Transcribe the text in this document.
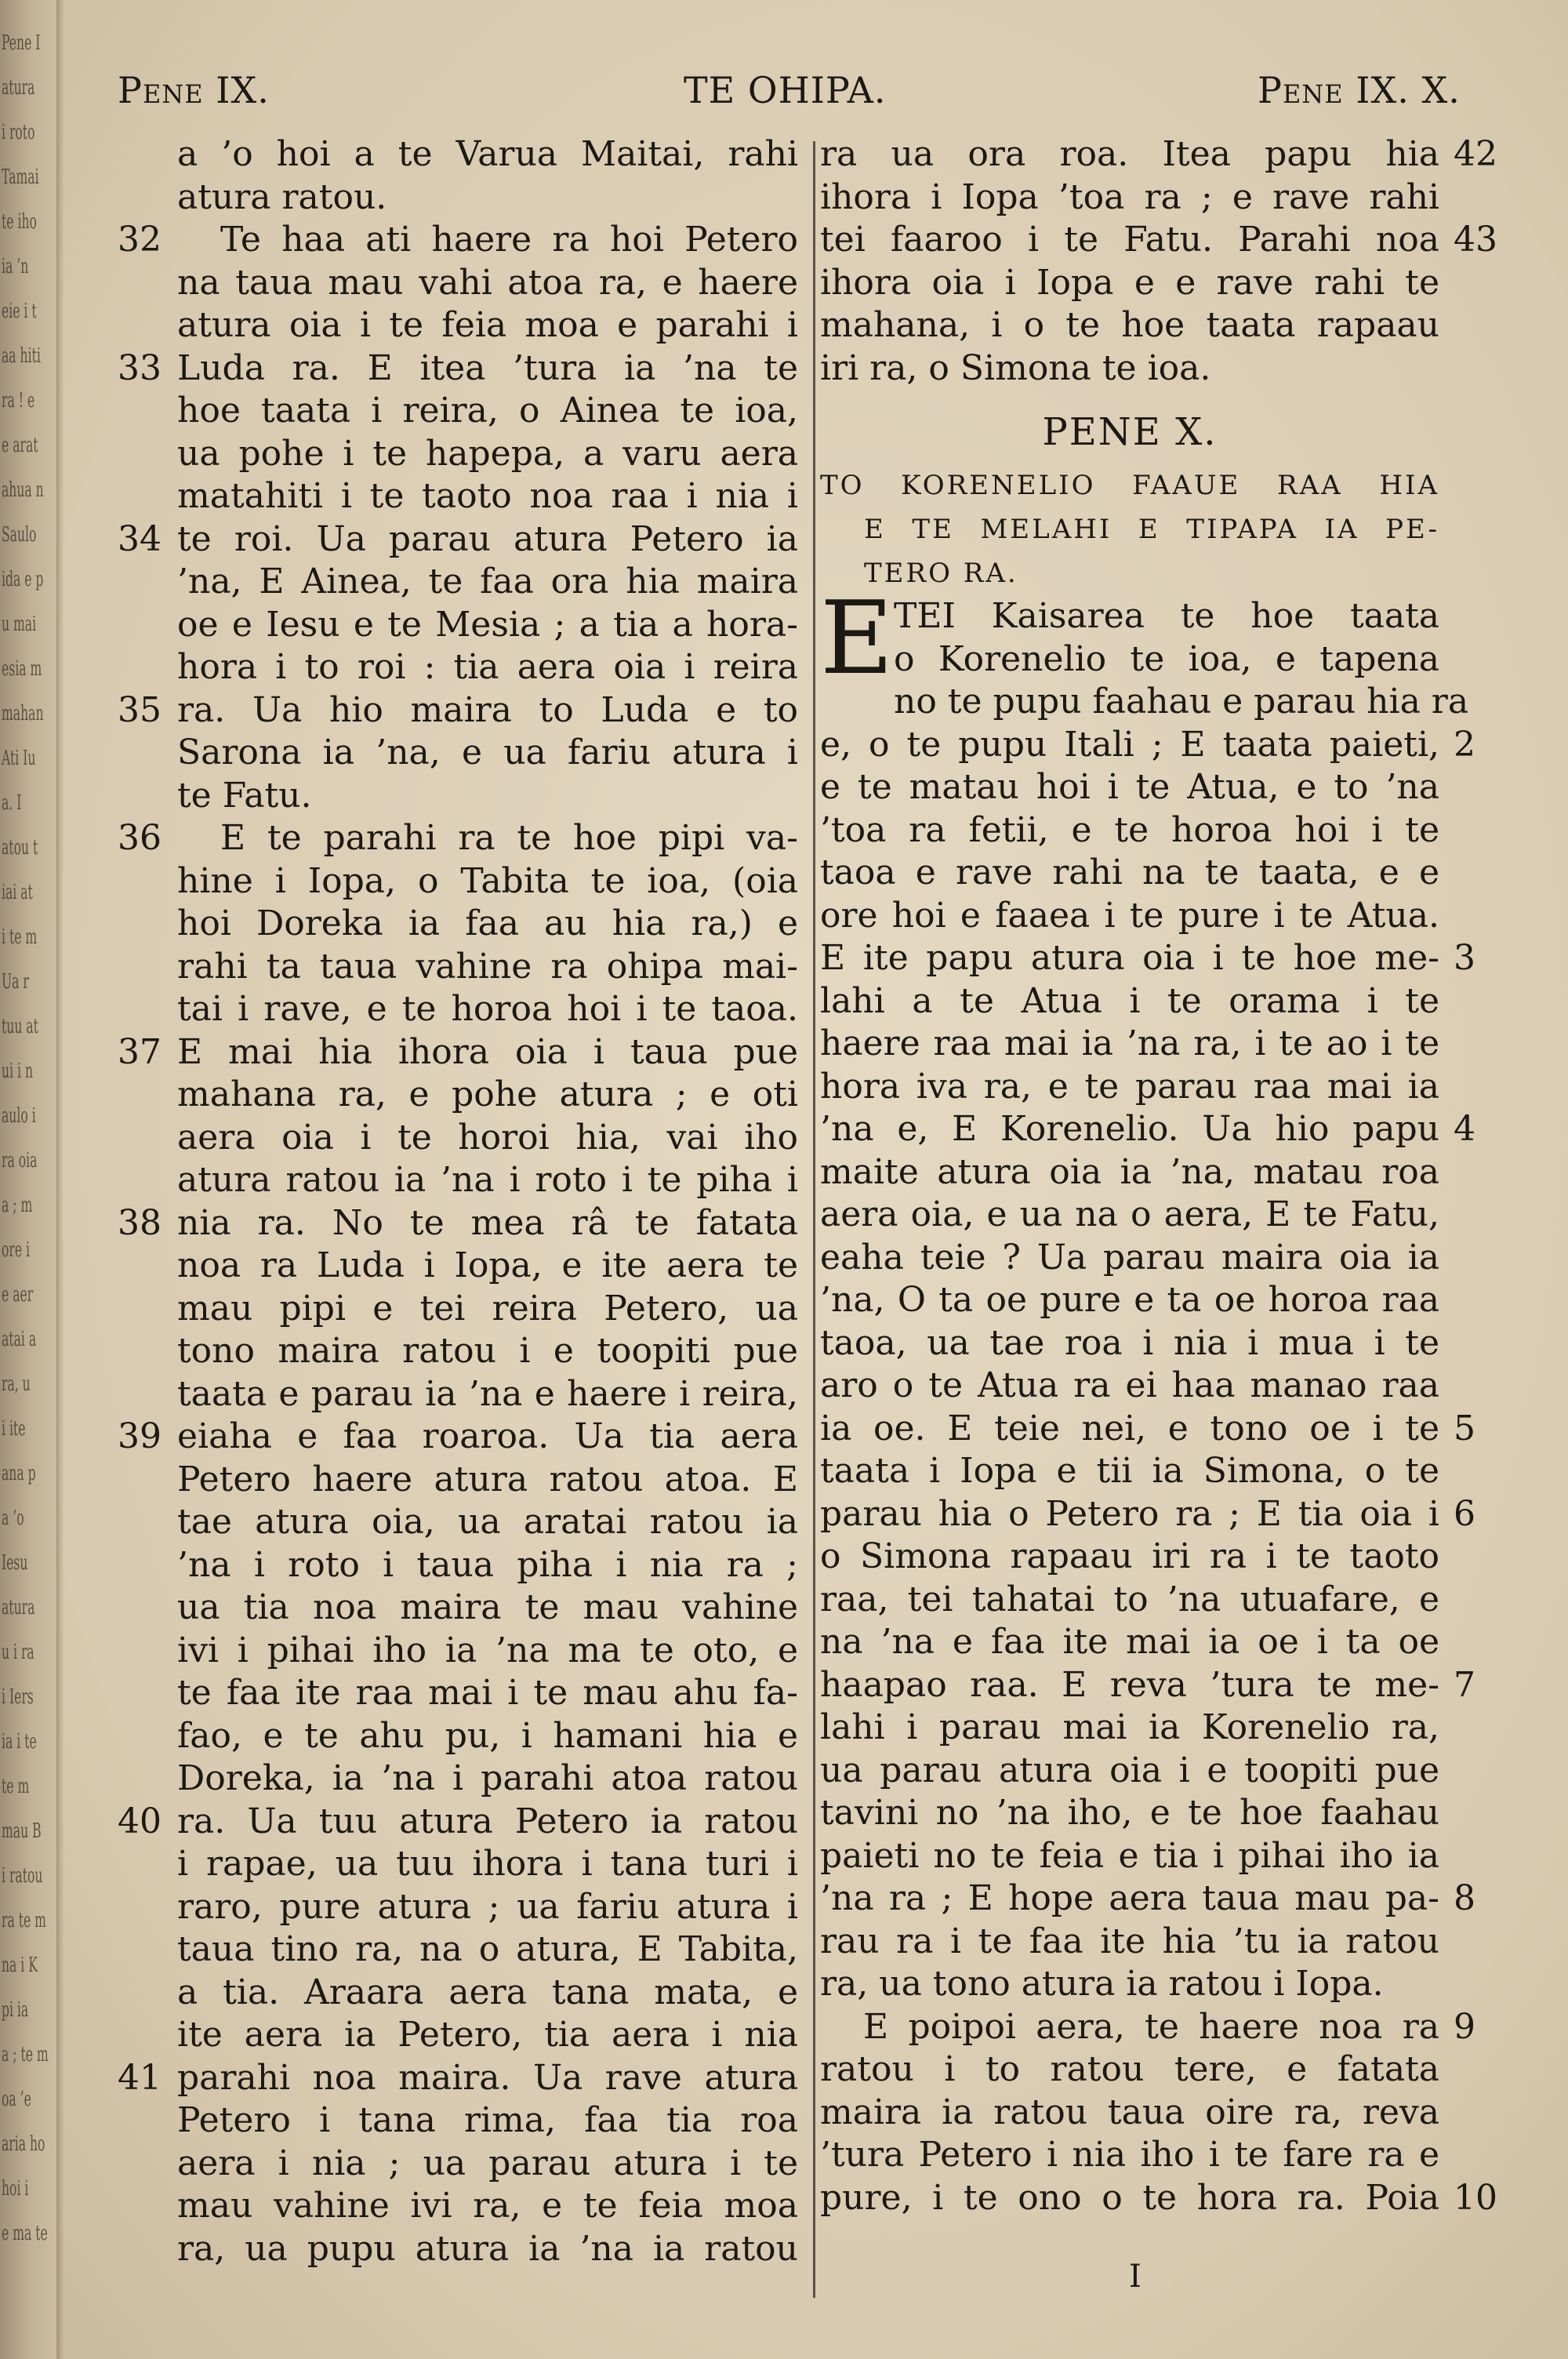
Pene I
atura
i roto
Tamai
te iho
ia ’n
eie i t
aa hiti
ra ! e
e arat
ahua n
Saulo
ida e p
u mai
esia m
mahan
Ati Iu
a. I
atou t
iai at
i te m
Ua r
tuu at
ui i n
aulo i
ra oia
a ; m
ore i
e aer
atai a
ra, u
i ite
ana p
a ’o
Iesu
atura
u i ra
i Iers
ia i te
te m
mau B
i ratou
ra te m
na i K
pi ia
a ; te m
oa ’e
aria ho
hoi i
e ma te
Pene IX.	TE OHIPA.	Pene IX. X.
a ’o hoi a te Varua Maitai, rahi
atura ratou.
Te haa ati haere ra hoi Petero
32
na taua mau vahi atoa ra, e haere
atura oia i te feia moa e parahi i
Luda ra. E itea ’tura ia ’na te
33
hoe taata i reira, o Ainea te ioa,
ua pohe i te hapepa, a varu aera
matahiti i te taoto noa raa i nia i
te roi. Ua parau atura Petero ia
34
’na, E Ainea, te faa ora hia maira
oe e Iesu e te Mesia ; a tia a hora-
hora i to roi : tia aera oia i reira
ra. Ua hio maira to Luda e to
35
Sarona ia ’na, e ua fariu atura i
te Fatu.
E te parahi ra te hoe pipi va-
36
hine i Iopa, o Tabita te ioa, (oia
hoi Doreka ia faa au hia ra,) e
rahi ta taua vahine ra ohipa mai-
tai i rave, e te horoa hoi i te taoa.
E mai hia ihora oia i taua pue
37
mahana ra, e pohe atura ; e oti
aera oia i te horoi hia, vai iho
atura ratou ia ’na i roto i te piha i
nia ra. No te mea râ te fatata
38
noa ra Luda i Iopa, e ite aera te
mau pipi e tei reira Petero, ua
tono maira ratou i e toopiti pue
taata e parau ia ’na e haere i reira,
eiaha e faa roaroa. Ua tia aera
39
Petero haere atura ratou atoa. E
tae atura oia, ua aratai ratou ia
’na i roto i taua piha i nia ra ;
ua tia noa maira te mau vahine
ivi i pihai iho ia ’na ma te oto, e
te faa ite raa mai i te mau ahu fa-
fao, e te ahu pu, i hamani hia e
Doreka, ia ’na i parahi atoa ratou
ra. Ua tuu atura Petero ia ratou
40
i rapae, ua tuu ihora i tana turi i
raro, pure atura ; ua fariu atura i
taua tino ra, na o atura, E Tabita,
a tia. Araara aera tana mata, e
ite aera ia Petero, tia aera i nia
parahi noa maira. Ua rave atura
41
Petero i tana rima, faa tia roa
aera i nia ; ua parau atura i te
mau vahine ivi ra, e te feia moa
ra, ua pupu atura ia ’na ia ratou
ra ua ora roa. Itea papu hia 42
ihora i Iopa ’toa ra ; e rave rahi
tei faaroo i te Fatu. Parahi noa 43
ihora oia i Iopa e e rave rahi te
mahana, i o te hoe taata rapaau
iri ra, o Simona te ioa.
PENE X.
TO KORENELIO FAAUE RAA HIA
E TE MELAHI E TIPAPA IA PE-
TERO RA.
E TEI Kaisarea te hoe taata
o Korenelio te ioa, e tapena
no te pupu faahau e parau hia ra
e, o te pupu Itali ; E taata paieti, 2
e te matau hoi i te Atua, e to ’na
’toa ra fetii, e te horoa hoi i te
taoa e rave rahi na te taata, e e
ore hoi e faaea i te pure i te Atua.
E ite papu atura oia i te hoe me- 3
lahi a te Atua i te orama i te
haere raa mai ia ’na ra, i te ao i te
hora iva ra, e te parau raa mai ia
’na e, E Korenelio. Ua hio papu 4
maite atura oia ia ’na, matau roa
aera oia, e ua na o aera, E te Fatu,
eaha teie ? Ua parau maira oia ia
’na, O ta oe pure e ta oe horoa raa
taoa, ua tae roa i nia i mua i te
aro o te Atua ra ei haa manao raa
ia oe. E teie nei, e tono oe i te 5
taata i Iopa e tii ia Simona, o te
parau hia o Petero ra ; E tia oia i 6
o Simona rapaau iri ra i te taoto
raa, tei tahatai to ’na utuafare, e
na ’na e faa ite mai ia oe i ta oe
haapao raa. E reva ’tura te me- 7
lahi i parau mai ia Korenelio ra,
ua parau atura oia i e toopiti pue
tavini no ’na iho, e te hoe faahau
paieti no te feia e tia i pihai iho ia
’na ra ; E hope aera taua mau pa- 8
rau ra i te faa ite hia ’tu ia ratou
ra, ua tono atura ia ratou i Iopa.
E poipoi aera, te haere noa ra 9
ratou i to ratou tere, e fatata
maira ia ratou taua oire ra, reva
’tura Petero i nia iho i te fare ra e
pure, i te ono o te hora ra. Poia 10
I
